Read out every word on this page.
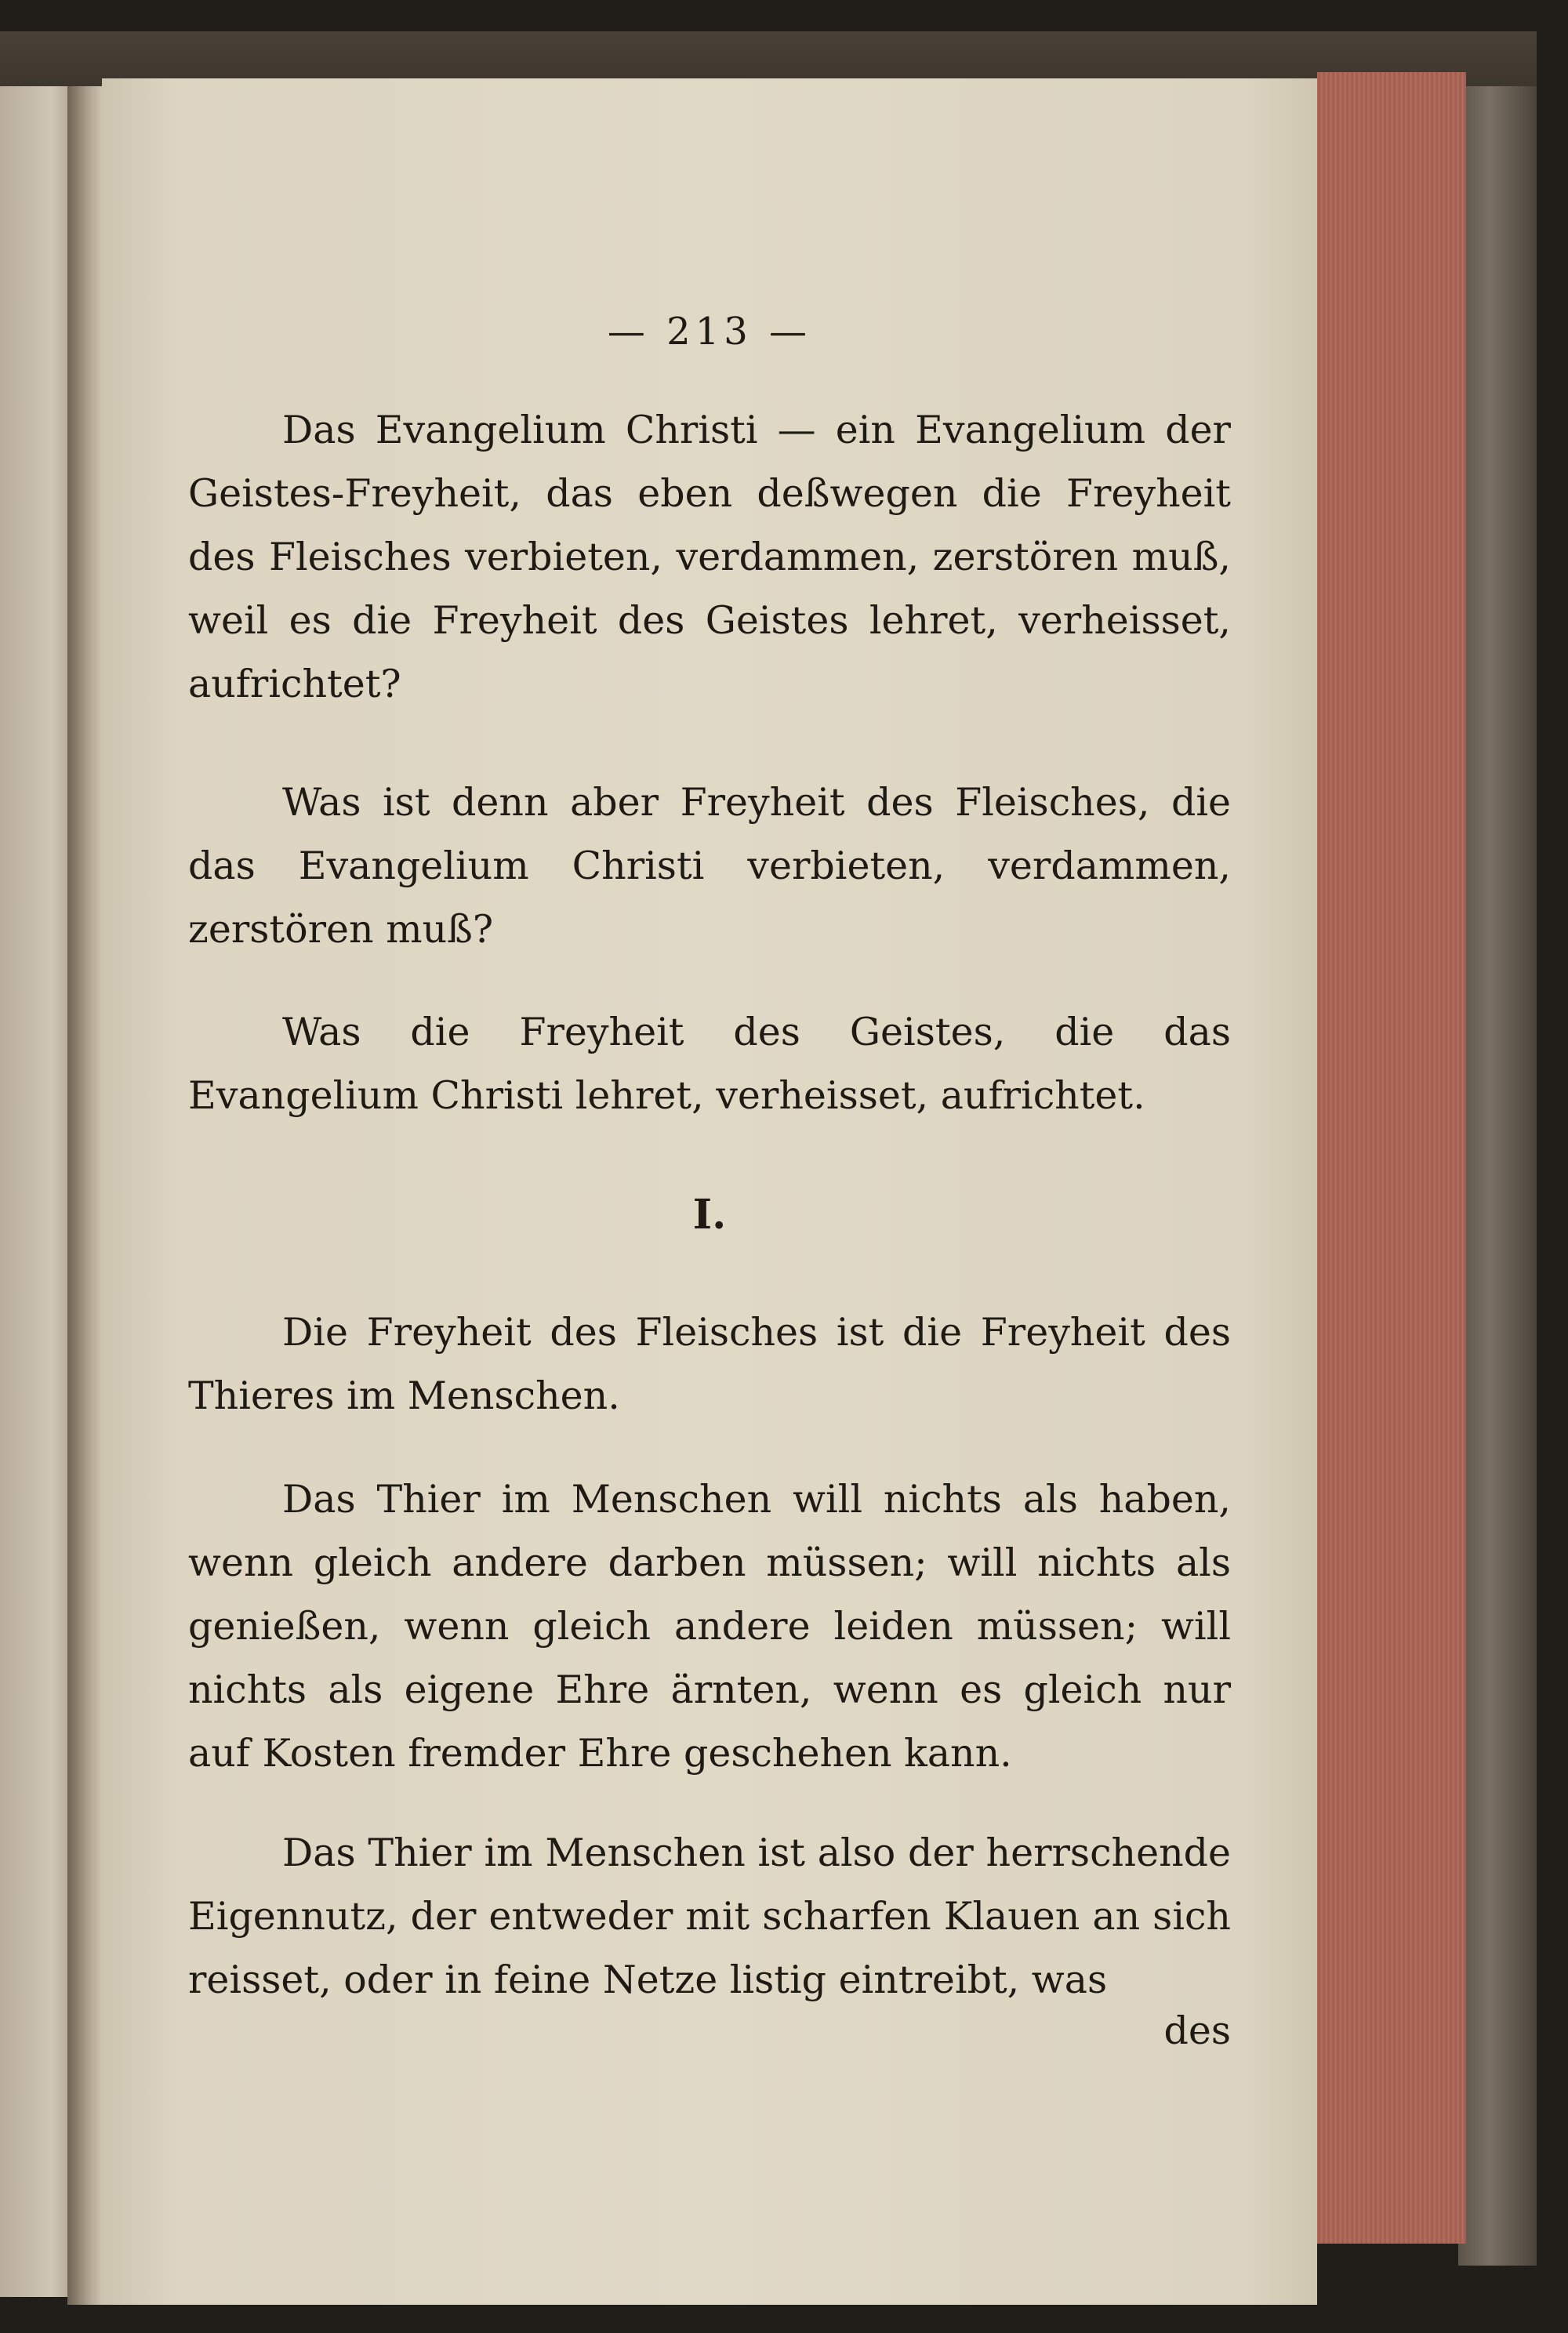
— 213 —

Das Evangelium Christi — ein Evangelium der Geistes-Freyheit, das eben deßwegen die Freyheit des Fleisches verbieten, verdammen, zerstören muß, weil es die Freyheit des Geistes lehret, verheisset, aufrichtet?

Was ist denn aber Freyheit des Fleisches, die das Evangelium Christi verbieten, verdammen, zerstören muß?

Was die Freyheit des Geistes, die das Evangelium Christi lehret, verheisset, aufrichtet.

I.

Die Freyheit des Fleisches ist die Freyheit des Thieres im Menschen.

Das Thier im Menschen will nichts als haben, wenn gleich andere darben müssen; will nichts als genießen, wenn gleich andere leiden müssen; will nichts als eigene Ehre ärnten, wenn es gleich nur auf Kosten fremder Ehre geschehen kann.

Das Thier im Menschen ist also der herrschende Eigennutz, der entweder mit scharfen Klauen an sich reisset, oder in feine Netze listig eintreibt, was

des
